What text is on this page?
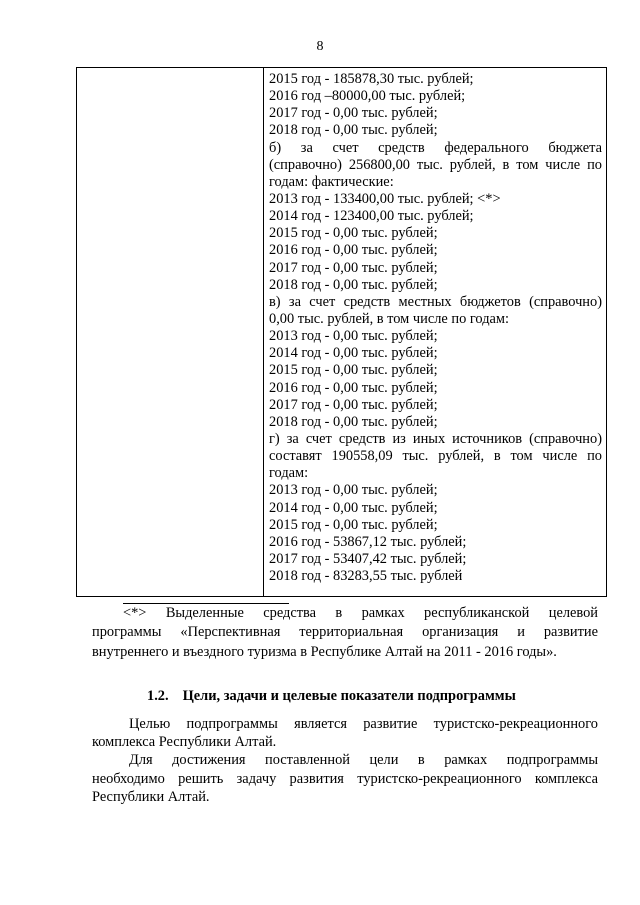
8
2015 год - 185878,30 тыс. рублей;
2016 год –80000,00 тыс. рублей;
2017 год - 0,00 тыс. рублей;
2018 год - 0,00 тыс. рублей;
б) за счет средств федерального бюджета
(справочно) 256800,00 тыс. рублей, в том числе по
годам: фактические:
2013 год - 133400,00 тыс. рублей; <*>
2014 год - 123400,00 тыс. рублей;
2015 год - 0,00 тыс. рублей;
2016 год - 0,00 тыс. рублей;
2017 год - 0,00 тыс. рублей;
2018 год - 0,00 тыс. рублей;
в) за счет средств местных бюджетов (справочно)
0,00 тыс. рублей, в том числе по годам:
2013 год - 0,00 тыс. рублей;
2014 год - 0,00 тыс. рублей;
2015 год - 0,00 тыс. рублей;
2016 год - 0,00 тыс. рублей;
2017 год - 0,00 тыс. рублей;
2018 год - 0,00 тыс. рублей;
г) за счет средств из иных источников (справочно)
составят 190558,09 тыс. рублей, в том числе по
годам:
2013 год - 0,00 тыс. рублей;
2014 год - 0,00 тыс. рублей;
2015 год - 0,00 тыс. рублей;
2016 год - 53867,12 тыс. рублей;
2017 год - 53407,42 тыс. рублей;
2018 год - 83283,55 тыс. рублей
<*> Выделенные средства в рамках республиканской целевой
программы «Перспективная территориальная организация и развитие
внутреннего и въездного туризма в Республике Алтай на 2011 - 2016 годы».
1.2. Цели, задачи и целевые показатели подпрограммы
Целью подпрограммы является развитие туристско-рекреационного
комплекса Республики Алтай.
Для достижения поставленной цели в рамках подпрограммы
необходимо решить задачу развития туристско-рекреационного комплекса
Республики Алтай.
